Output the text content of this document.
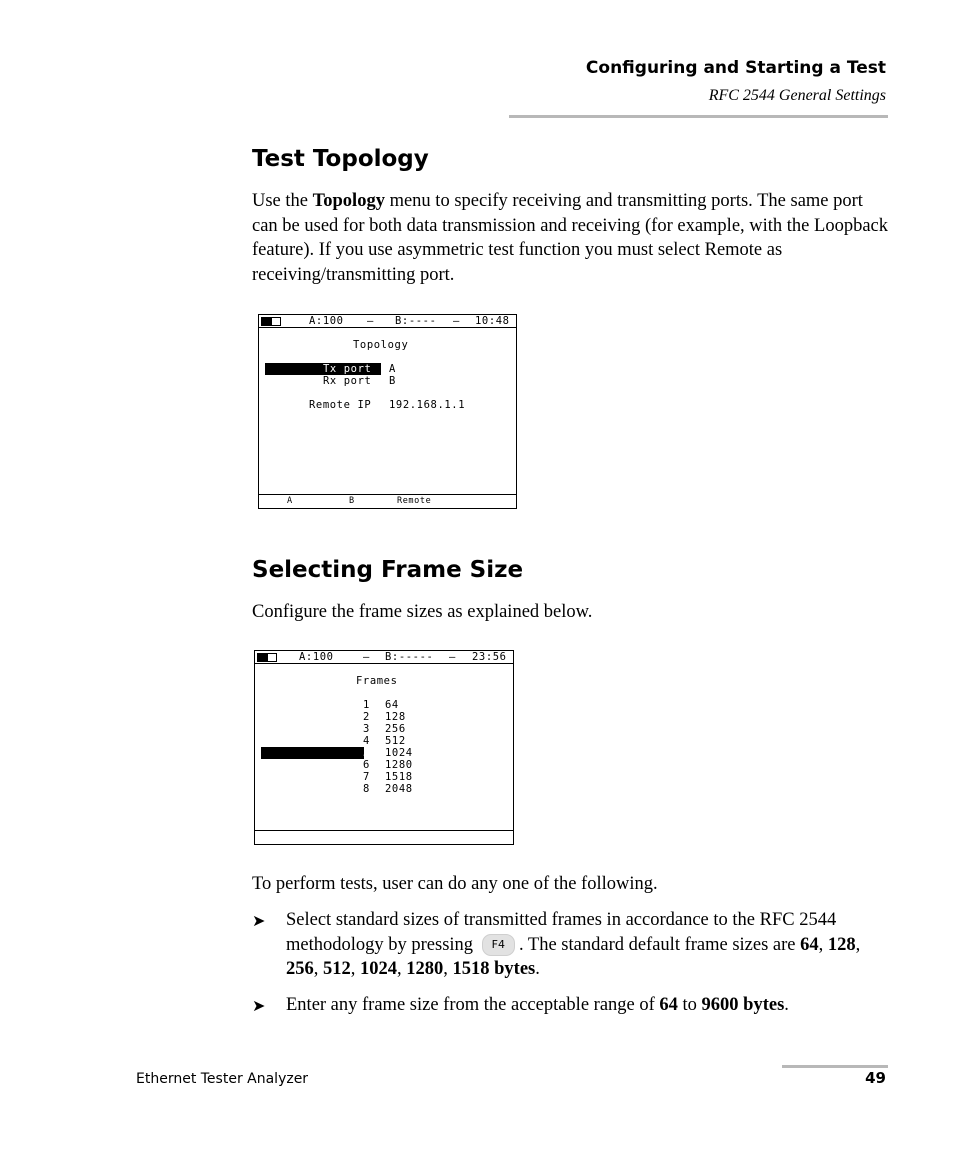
Configuring and Starting a Test
RFC 2544 General Settings
Test Topology

Use the Topology menu to specify receiving and transmitting ports. The same port can be used for both data transmission and receiving (for example, with the Loopback feature). If you use asymmetric test function you must select Remote as receiving/transmitting port.

A:100 – B:---- – 10:48
Topology
Tx port A
Rx port B
Remote IP 192.168.1.1
A	B	Remote
Selecting Frame Size

Configure the frame sizes as explained below.

A:100	– B:----- – 23:56
Frames
1 64
2 128
3 256
4 512
5 1024
6 1280
7 1518
8 2048

To perform tests, user can do any one of the following.

➤ Select standard sizes of transmitted frames in accordance to the RFC 2544 methodology by pressing F4 . The standard default frame sizes are 64, 128, 256, 512, 1024, 1280, 1518 bytes.

➤ Enter any frame size from the acceptable range of 64 to 9600 bytes.

Ethernet Tester Analyzer	49
